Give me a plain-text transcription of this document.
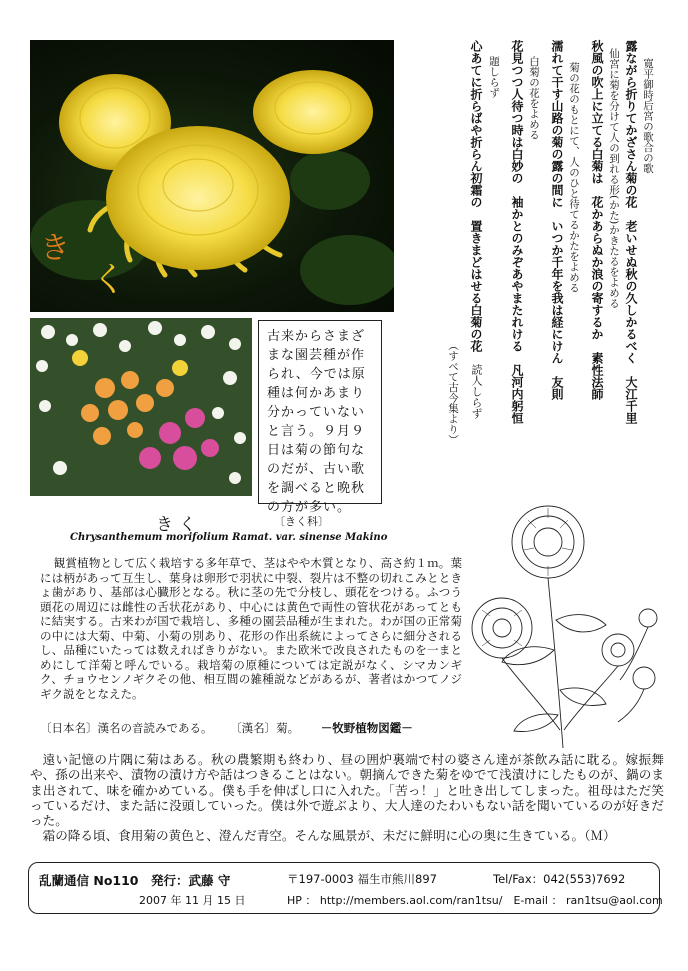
き
く
古来からさまざまな園芸種が作られ、今では原種は何かあまり分かっていないと言う。９月９日は菊の節句なのだが、古い歌を調べると晩秋の方が多い。
寛平御時后宮の歌合の歌
露ながら折りてかざさん菊の花　老いせぬ秋の久しかるべく大江千里
仙宮に菊を分けて人の到れる形(かた)かきたるをよめる
秋風の吹上に立てる白菊は　花かあらぬか浪の寄するか素性法師
菊の花のもとにて、人のひと待てるかたをよめる
濡れて干す山路の菊の露の間に　いつか千年を我は経にけん友則
白菊の花をよめる
花見つつ人待つ時は白妙の　袖かとのみぞあやまたれける凡河内躬恒
題しらず
心あてに折らばや折らん初霜の　置きまどはせる白菊の花読人しらず
（すべて古今集より）
きく	〔きく科〕
Chrysanthemum morifolium Ramat. var. sinense Makino
観賞植物として広く栽培する多年草で、茎はやや木質となり、高さ約１ｍ。葉には柄があって互生し、葉身は卵形で羽状に中裂、裂片は不整の切れこみとときょ歯があり、基部は心臓形となる。秋に茎の先で分枝し、頭花をつける。ふつう頭花の周辺には雌性の舌状花があり、中心には黄色で両性の管状花があってともに結実する。古来わが国で栽培し、多種の園芸品種が生まれた。わが国の正常菊の中には大菊、中菊、小菊の別あり、花形の作出系統によってさらに細分されるし、品種にいたっては数えればきりがない。また欧米で改良されたものを一まとめにして洋菊と呼んでいる。栽培菊の原種については定説がなく、シマカンギク、チョウセンノギクその他、相互間の雑種説などがあるが、著者はかつてノジギク説をとなえた。
〔日本名〕漢名の音読みである。 〔漢名〕菊。 －牧野植物図鑑－

遠い記憶の片隅に菊はある。秋の農繁期も終わり、昼の囲炉裏端で村の婆さん達が茶飲み話に耽る。嫁振舞や、孫の出来や、漬物の漬け方や話はつきることはない。朝摘んできた菊をゆでて浅漬けにしたものが、鍋のまま出されて、味を確かめている。僕も手を伸ばし口に入れた。「苦っ！」と吐き出してしまった。祖母はただ笑っているだけ、また話に没頭していった。僕は外で遊ぶより、大人達のたわいもない話を聞いているのが好きだった。

霜の降る頃、食用菊の黄色と、澄んだ青空。そんな風景が、未だに鮮明に心の奥に生きている。（Ｍ）

乱蘭通信 No110　発行：武藤 守
2007 年 11 月 15 日
〒197-0003 福生市熊川897	Tel/Fax：042(553)7692
HP ： http://members.aol.com/ran1tsu/　E-mail ： ran1tsu@aol.com
